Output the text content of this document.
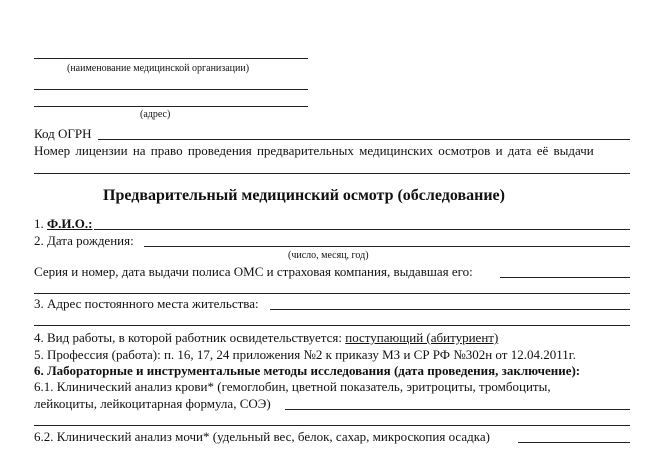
(наименование медицинской организации)
(адрес)
Код ОГРН
Номер лицензии на право проведения предварительных медицинских осмотров и дата её выдачи
Предварительный медицинский осмотр (обследование)
1. Ф.И.О.:
2. Дата рождения:
(число, месяц, год)
Серия и номер, дата выдачи полиса ОМС и страховая компания, выдавшая его:
3. Адрес постоянного места жительства:
4. Вид работы, в которой работник освидетельствуется: поступающий (абитуриент)
5. Профессия (работа): п. 16, 17, 24 приложения №2 к приказу МЗ и СР РФ №302н от 12.04.2011г.
6. Лабораторные и инструментальные методы исследования (дата проведения, заключение):
6.1. Клинический анализ крови* (гемоглобин, цветной показатель, эритроциты, тромбоциты,
лейкоциты, лейкоцитарная формула, СОЭ)
6.2. Клинический анализ мочи* (удельный вес, белок, сахар, микроскопия осадка)
